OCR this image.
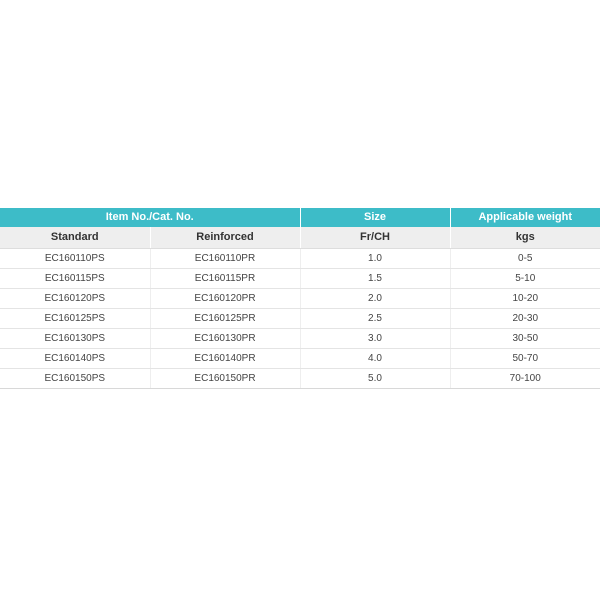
Item No./Cat. No.		Size	Applicable weight
Standard	Reinforced	Fr/CH	kgs
EC160110PS	EC160110PR	1.0	0-5
EC160115PS	EC160115PR	1.5	5-10
EC160120PS	EC160120PR	2.0	10-20
EC160125PS	EC160125PR	2.5	20-30
EC160130PS	EC160130PR	3.0	30-50
EC160140PS	EC160140PR	4.0	50-70
EC160150PS	EC160150PR	5.0	70-100
